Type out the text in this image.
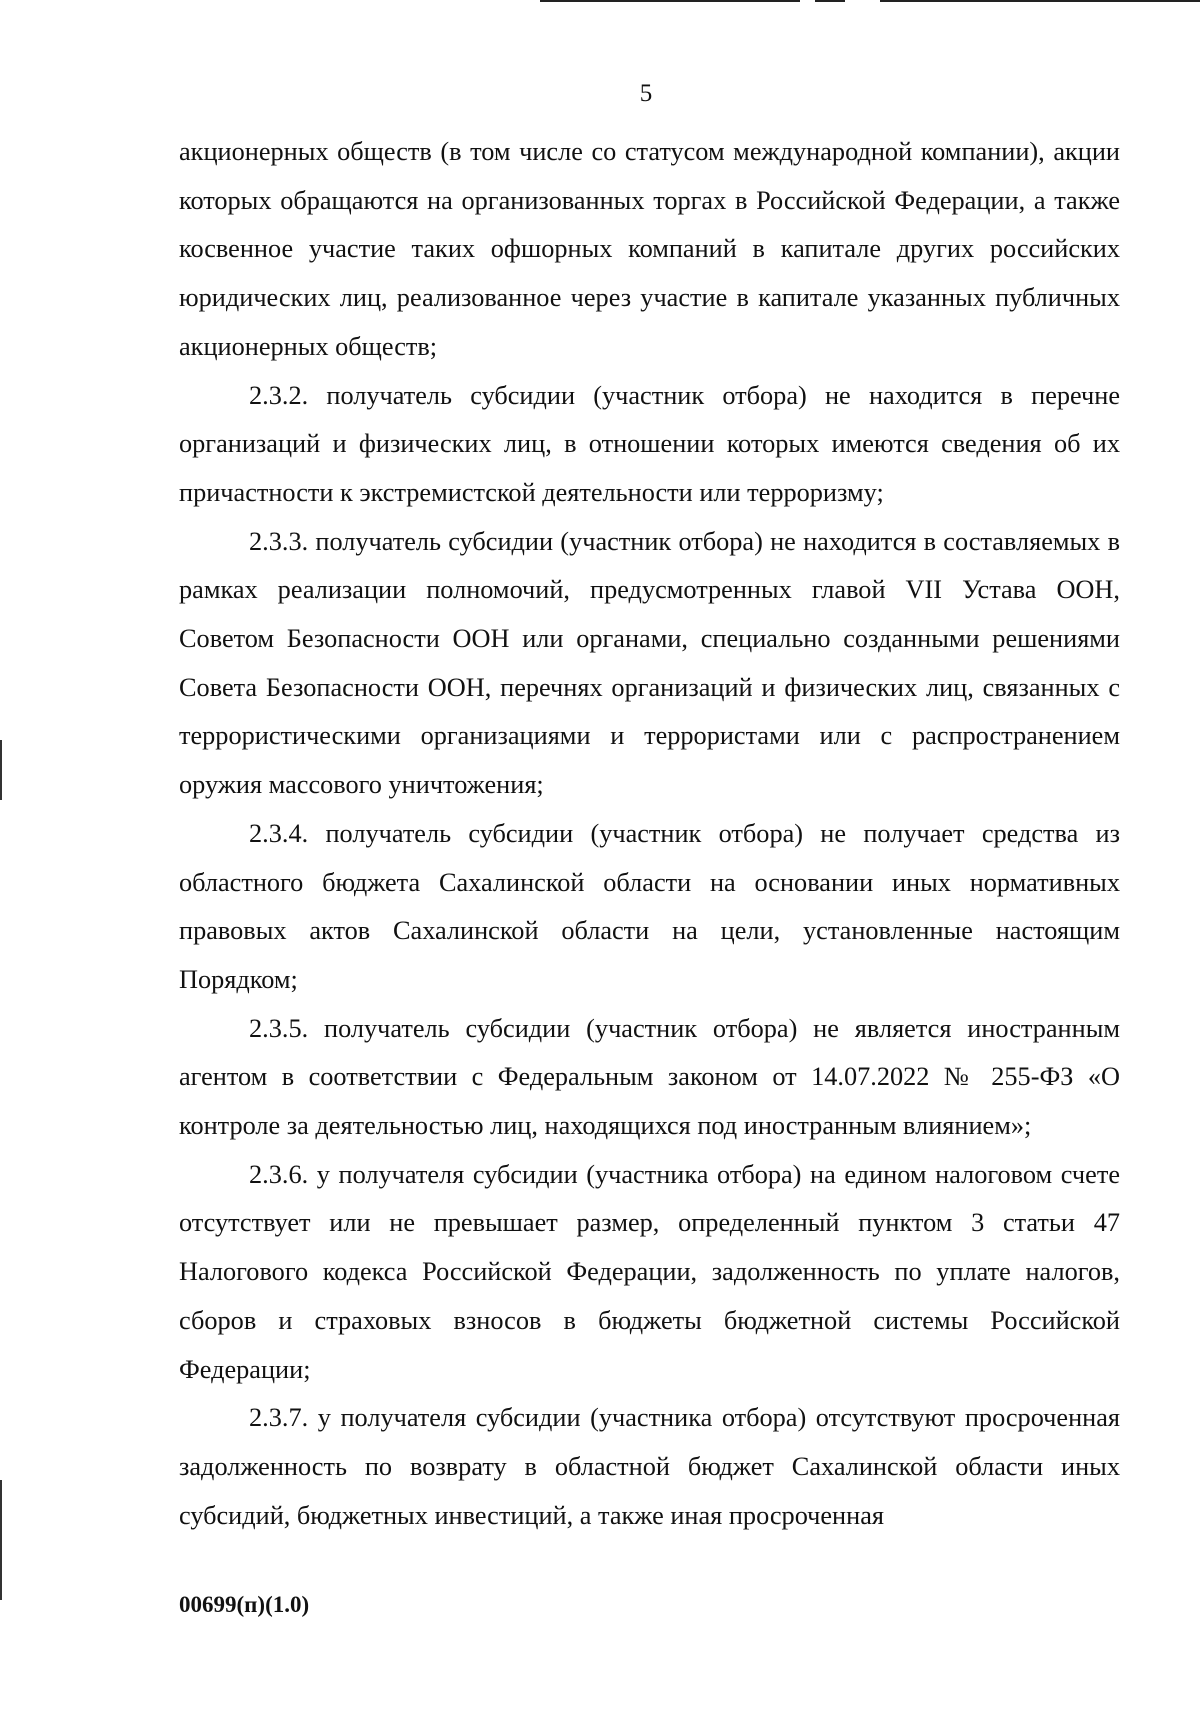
5

акционерных обществ (в том числе со статусом международной компании), акции которых обращаются на организованных торгах в Российской Федерации, а также косвенное участие таких офшорных компаний в капитале других российских юридических лиц, реализованное через участие в капитале указанных публичных акционерных обществ;

2.3.2. получатель субсидии (участник отбора) не находится в перечне организаций и физических лиц, в отношении которых имеются сведения об их причастности к экстремистской деятельности или терроризму;

2.3.3. получатель субсидии (участник отбора) не находится в составляемых в рамках реализации полномочий, предусмотренных главой VII Устава ООН, Советом Безопасности ООН или органами, специально созданными решениями Совета Безопасности ООН, перечнях организаций и физических лиц, связанных с террористическими организациями и террористами или с распространением оружия массового уничтожения;

2.3.4. получатель субсидии (участник отбора) не получает средства из областного бюджета Сахалинской области на основании иных нормативных правовых актов Сахалинской области на цели, установленные настоящим Порядком;

2.3.5. получатель субсидии (участник отбора) не является иностранным агентом в соответствии с Федеральным законом от 14.07.2022 № 255-ФЗ «О контроле за деятельностью лиц, находящихся под иностранным влиянием»;

2.3.6. у получателя субсидии (участника отбора) на едином налоговом счете отсутствует или не превышает размер, определенный пунктом 3 статьи 47 Налогового кодекса Российской Федерации, задолженность по уплате налогов, сборов и страховых взносов в бюджеты бюджетной системы Российской Федерации;

2.3.7. у получателя субсидии (участника отбора) отсутствуют просроченная задолженность по возврату в областной бюджет Сахалинской области иных субсидий, бюджетных инвестиций, а также иная просроченная

00699(п)(1.0)
